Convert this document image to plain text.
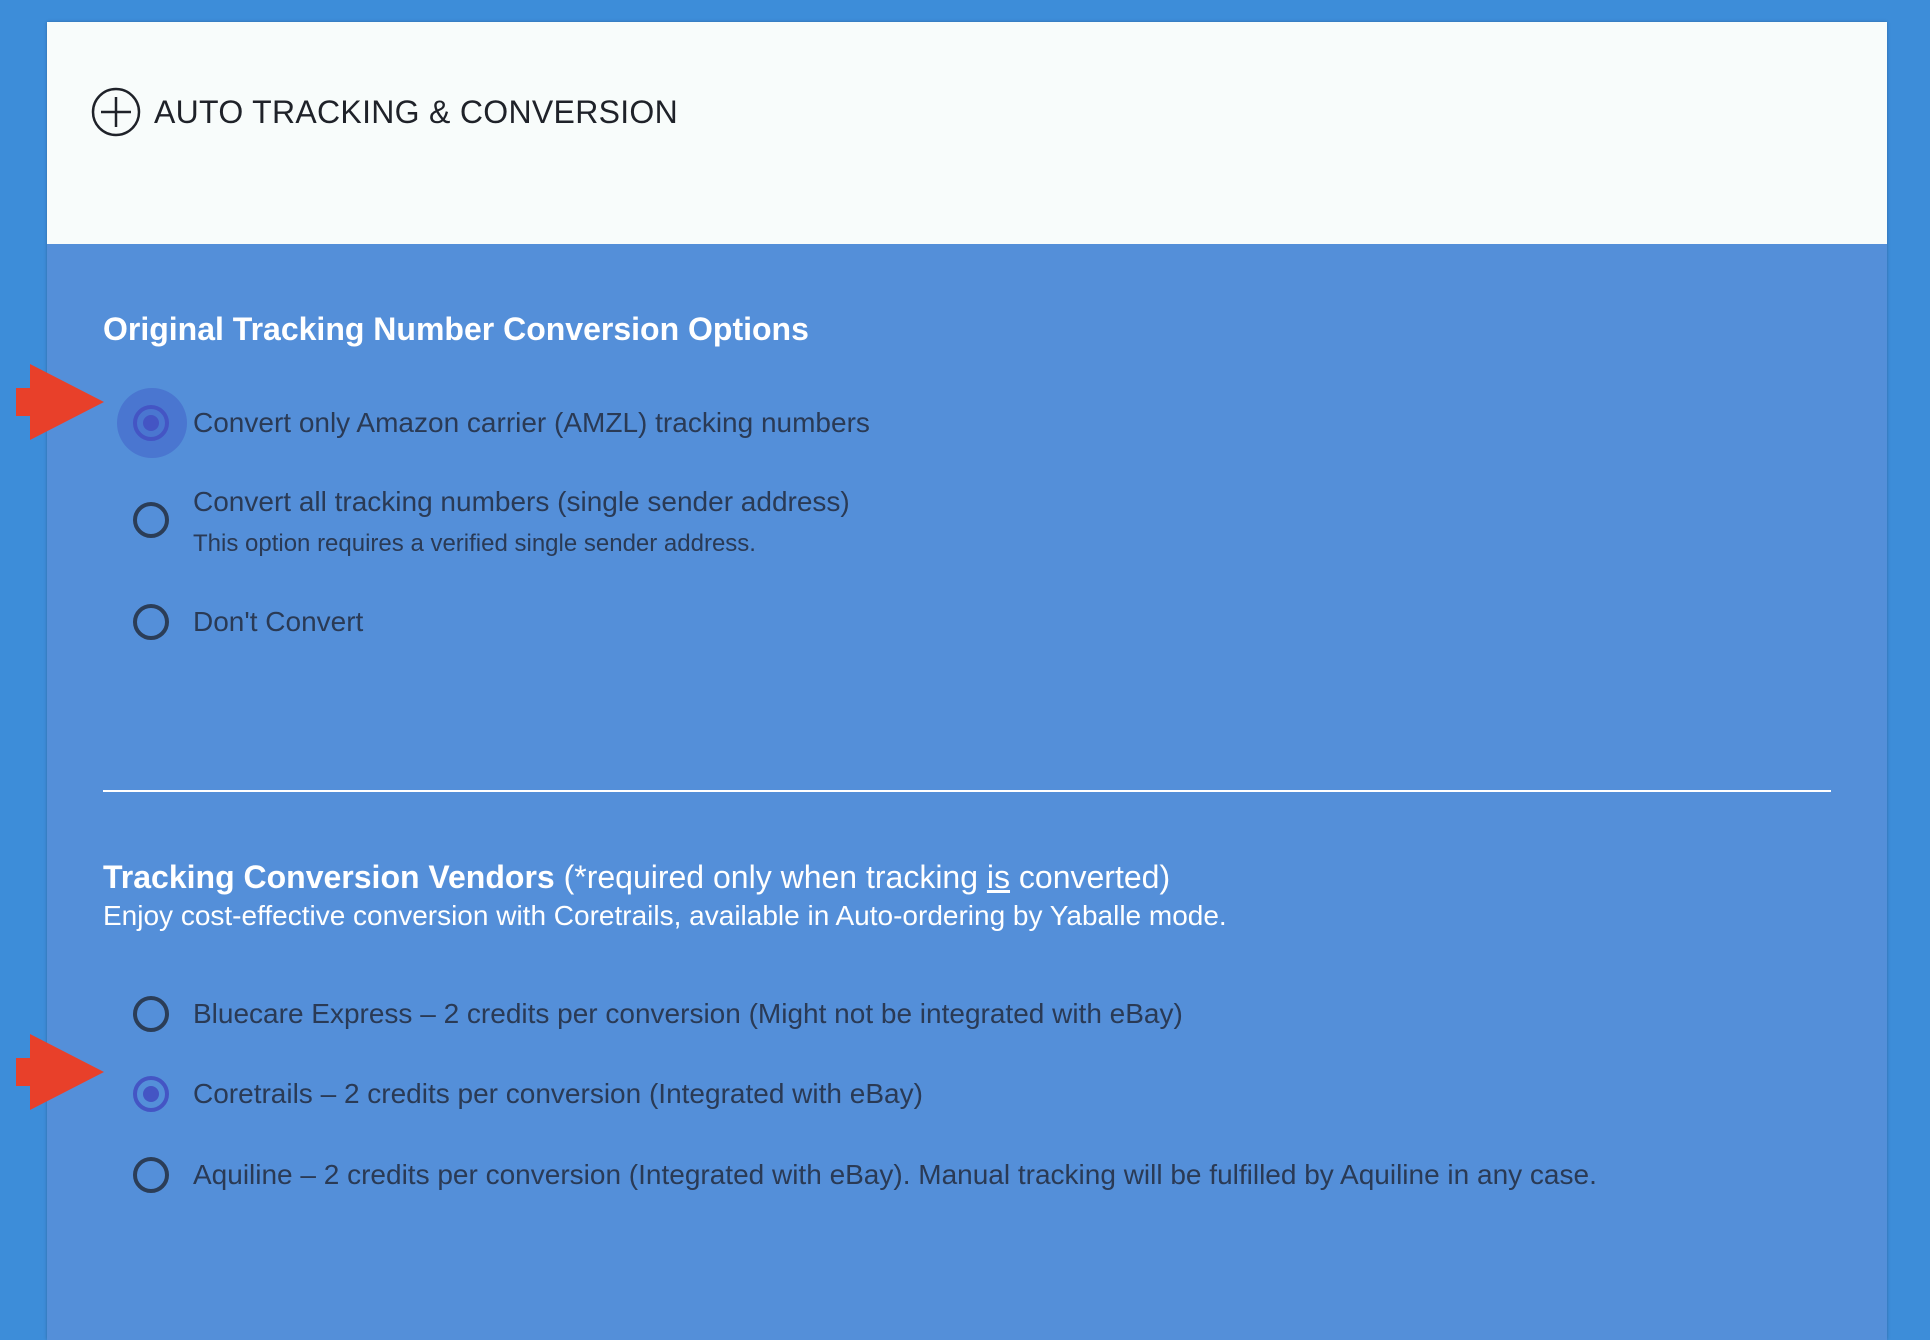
AUTO TRACKING & CONVERSION
Original Tracking Number Conversion Options
Convert only Amazon carrier (AMZL) tracking numbers
Convert all tracking numbers (single sender address)
This option requires a verified single sender address.
Don't Convert
Tracking Conversion Vendors (*required only when tracking is converted)
Enjoy cost-effective conversion with Coretrails, available in Auto-ordering by Yaballe mode.
Bluecare Express – 2 credits per conversion (Might not be integrated with eBay)
Coretrails – 2 credits per conversion (Integrated with eBay)
Aquiline – 2 credits per conversion (Integrated with eBay). Manual tracking will be fulfilled by Aquiline in any case.
